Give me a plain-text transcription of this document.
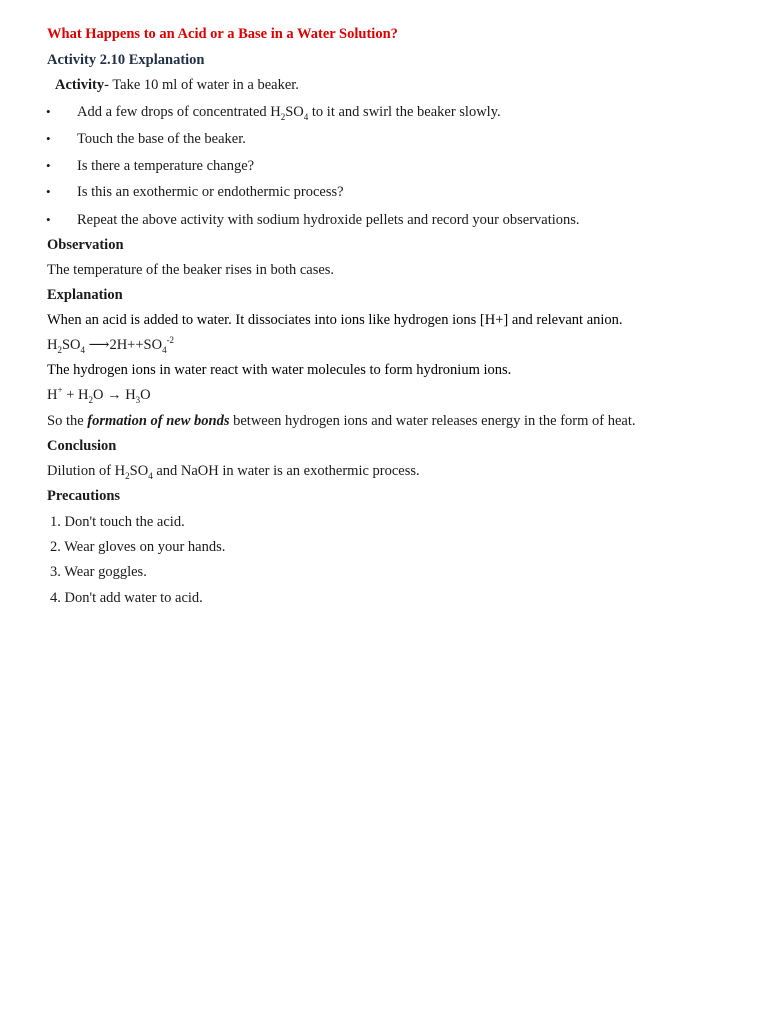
What Happens to an Acid or a Base in a Water Solution?
Activity 2.10 Explanation
Activity- Take 10 ml of water in a beaker.
• Add a few drops of concentrated $H_2SO_4$ to it and swirl the beaker slowly.
• Touch the base of the beaker.
• Is there a temperature change?
• Is this an exothermic or endothermic process?
• Repeat the above activity with sodium hydroxide pellets and record your observations.
Observation
The temperature of the beaker rises in both cases.
Explanation
When an acid is added to water. It dissociates into ions like hydrogen ions [H+] and relevant anion.
$H_2SO_4$ $⟶2H++SO_4^{-2}$
The hydrogen ions in water react with water molecules to form hydronium ions.
$H^+ + H_2O \to H_3O$
So the formation of new bonds between hydrogen ions and water releases energy in the form of heat.
Conclusion
Dilution of $H_2SO_4$ and NaOH in water is an exothermic process.
Precautions
1. Don't touch the acid.
2. Wear gloves on your hands.
3. Wear goggles.
4. Don't add water to acid.
